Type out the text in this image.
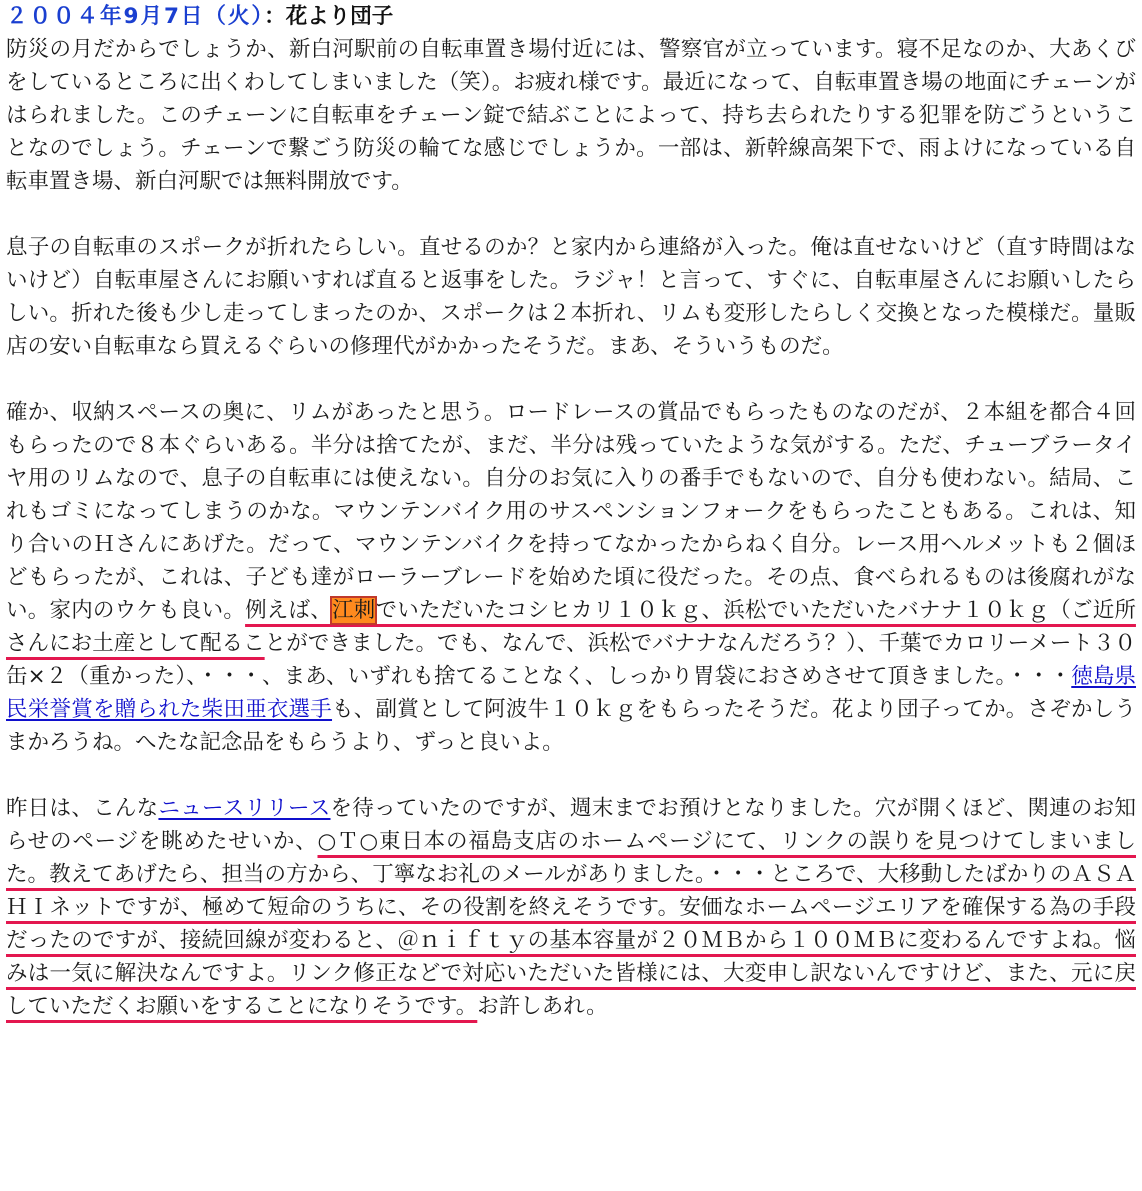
２００４年9月7日（火）：花より団子

防災の月だからでしょうか、新白河駅前の自転車置き場付近には、警察官が立っています。寝不足なのか、大あくびをしているところに出くわしてしまいました（笑）。お疲れ様です。最近になって、自転車置き場の地面にチェーンがはられました。このチェーンに自転車をチェーン錠で結ぶことによって、持ち去られたりする犯罪を防ごうということなのでしょう。チェーンで繋ごう防災の輪てな感じでしょうか。一部は、新幹線高架下で、雨よけになっている自転車置き場、新白河駅では無料開放です。

息子の自転車のスポークが折れたらしい。直せるのか？と家内から連絡が入った。俺は直せないけど（直す時間はないけど）自転車屋さんにお願いすれば直ると返事をした。ラジャ！と言って、すぐに、自転車屋さんにお願いしたらしい。折れた後も少し走ってしまったのか、スポークは２本折れ、リムも変形したらしく交換となった模様だ。量販店の安い自転車なら買えるぐらいの修理代がかかったそうだ。まあ、そういうものだ。

確か、収納スペースの奥に、リムがあったと思う。ロードレースの賞品でもらったものなのだが、２本組を都合４回もらったので８本ぐらいある。半分は捨てたが、まだ、半分は残っていたような気がする。ただ、チューブラータイヤ用のリムなので、息子の自転車には使えない。自分のお気に入りの番手でもないので、自分も使わない。結局、これもゴミになってしまうのかな。マウンテンバイク用のサスペンションフォークをもらったこともある。これは、知り合いのＨさんにあげた。だって、マウンテンバイクを持ってなかったからねく自分。レース用ヘルメットも２個ほどもらったが、これは、子ども達がローラーブレードを始めた頃に役だった。その点、食べられるものは後腐れがない。家内のウケも良い。例えば、江刺でいただいたコシヒカリ１０ｋｇ、浜松でいただいたバナナ１０ｋｇ（ご近所さんにお土産として配ることができました。でも、なんで、浜松でバナナなんだろう？）、千葉でカロリーメート３０缶×２（重かった）、・・・、まあ、いずれも捨てることなく、しっかり胃袋におさめさせて頂きました。・・・徳島県民栄誉賞を贈られた柴田亜衣選手も、副賞として阿波牛１０ｋｇをもらったそうだ。花より団子ってか。さぞかしうまかろうね。へたな記念品をもらうより、ずっと良いよ。

昨日は、こんなニュースリリースを待っていたのですが、週末までお預けとなりました。穴が開くほど、関連のお知らせのページを眺めたせいか、○Ｔ○東日本の福島支店のホームページにて、リンクの誤りを見つけてしまいました。教えてあげたら、担当の方から、丁寧なお礼のメールがありました。・・・ところで、大移動したばかりのＡＳＡＨＩネットですが、極めて短命のうちに、その役割を終えそうです。安価なホームページエリアを確保する為の手段だったのですが、接続回線が変わると、＠ｎｉｆｔｙの基本容量が２０ＭＢから１００ＭＢに変わるんですよね。悩みは一気に解決なんですよ。リンク修正などで対応いただいた皆様には、大変申し訳ないんですけど、また、元に戻していただくお願いをすることになりそうです。お許しあれ。
